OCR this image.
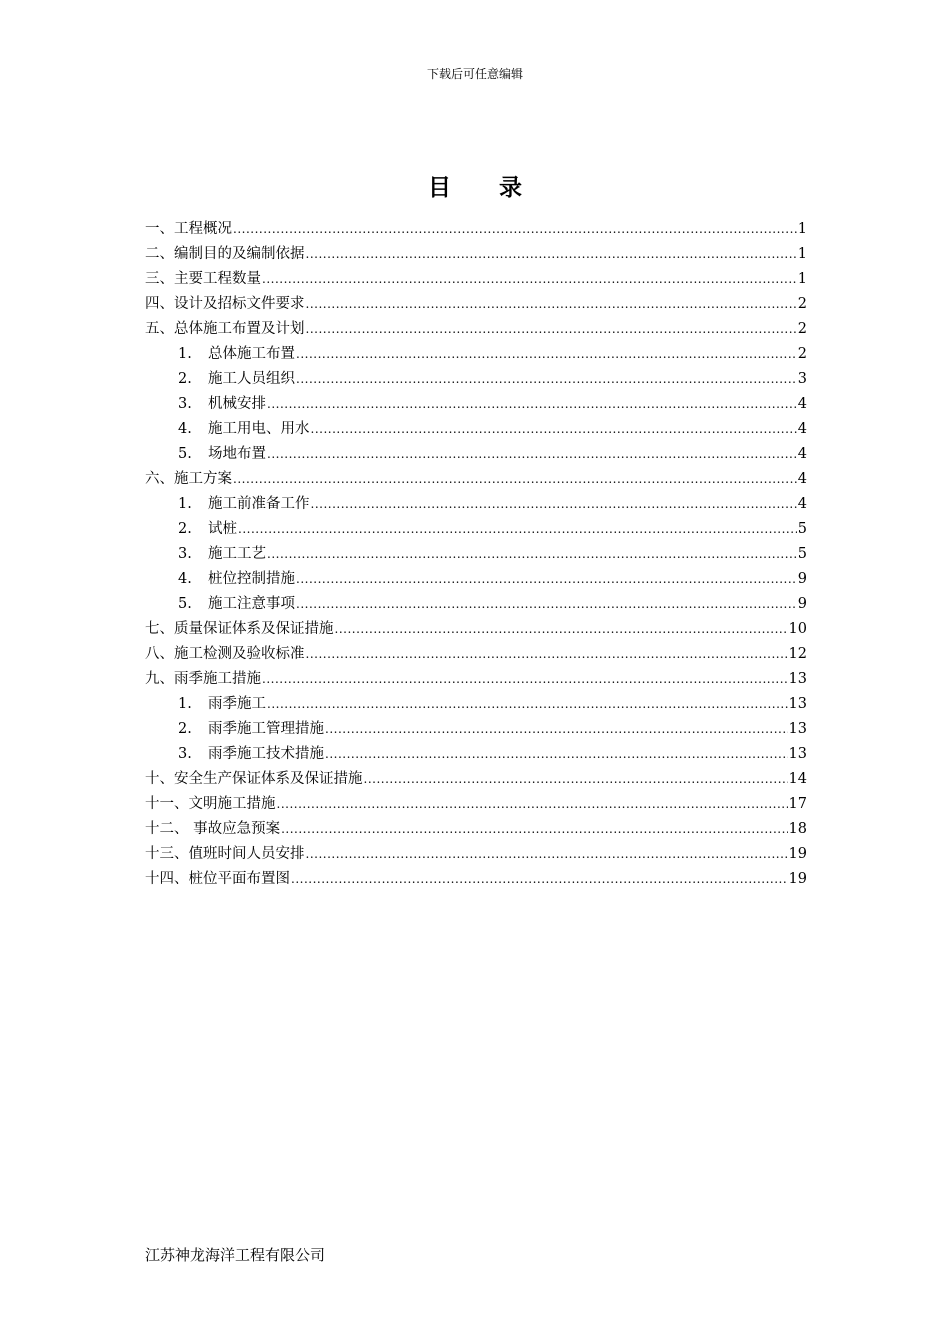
下载后可任意编辑
目 录
一、工程概况 .....	1
二、编制目的及编制依据 .....	1
三、主要工程数量 .....	1
四、设计及招标文件要求 .....	2
五、总体施工布置及计划 .....	2
1.	总体施工布置 .....	2
2.	施工人员组织 .....	3
3.	机械安排 .....	4
4.	施工用电、用水 .....	4
5.	场地布置 .....	4
六、施工方案 .....	4
1.	施工前准备工作 .....	4
2.	试桩 .....	5
3.	施工工艺 .....	5
4.	桩位控制措施 .....	9
5.	施工注意事项 .....	9
七、质量保证体系及保证措施 .....	10
八、施工检测及验收标准 .....	12
九、雨季施工措施 .....	13
1.	雨季施工 .....	13
2.	雨季施工管理措施 .....	13
3.	雨季施工技术措施 .....	13
十、安全生产保证体系及保证措施 .....	14
十一、文明施工措施 .....	17
十二、 事故应急预案 .....	18
十三、值班时间人员安排 .....	19
十四、桩位平面布置图 .....	19
江苏神龙海洋工程有限公司
